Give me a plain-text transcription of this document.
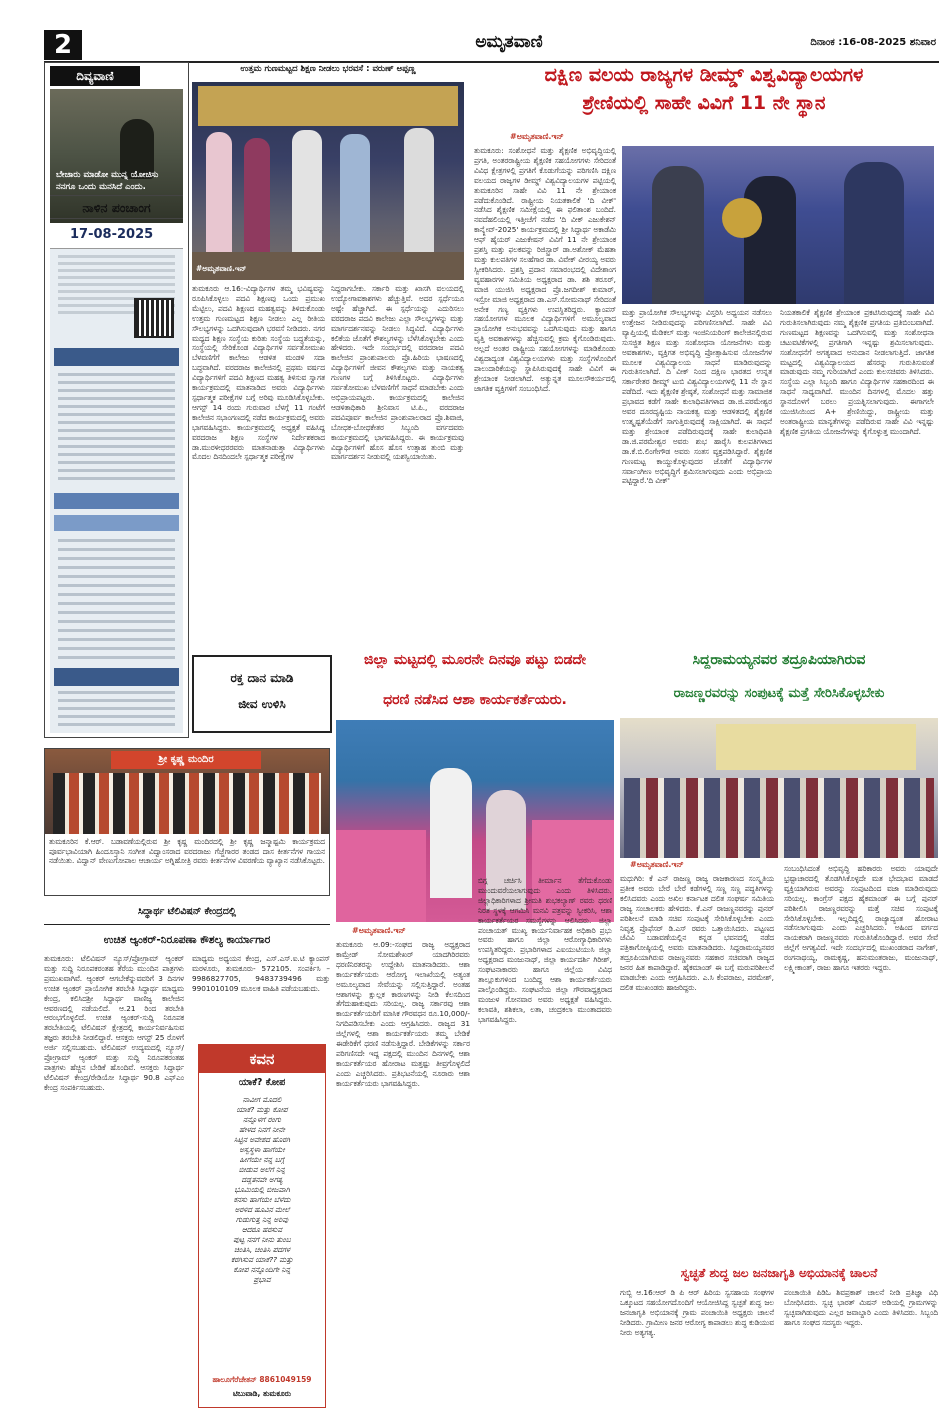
2	ಅಮೃತವಾಣಿ	ದಿನಾಂಕ :16-08-2025 ಶನಿವಾರ
ದಿವ್ಯವಾಣಿ
ಬೇಜಾರು ಮಾಡೋ ಮುನ್ನ ಯೋಚಿಸು ನನಗೂ ಒಂದು ಮನಸಿದೆ ಎಂದು.
ನಾಳಿನ ಪಂಚಾಂಗ
17-08-2025
ಉತ್ತಮ ಗುಣಮಟ್ಟದ ಶಿಕ್ಷಣ ನೀಡಲು ಭರವಸೆ : ವರುಣ್ ಅಪ್ಪಣ್ಣ
#ಅಮೃತವಾಣಿ.ಇನ್
ತುಮಕೂರು ಆ.16:-ವಿದ್ಯಾರ್ಥಿಗಳ ತಮ್ಮ ಭವಿಷ್ಯವನ್ನು ರೂಪಿಸಿಕೊಳ್ಳಲು ಪದವಿ ಶಿಕ್ಷಣವು ಒಂದು ಪ್ರಮುಖ ಮೆಟ್ಟಿಲು, ಪದವಿ ಶಿಕ್ಷಣದ ಮಹತ್ವವನ್ನು ತಿಳಿದುಕೊಂಡು ಉತ್ತಮ ಗುಣಮಟ್ಟದ ಶಿಕ್ಷಣ ನೀಡಲು ಎಲ್ಲ ರೀತಿಯ ಸೌಲಭ್ಯಗಳನ್ನು ಒದಗಿಸುವುದಾಗಿ ಭರವಸೆ ನೀಡಿದರು. ನಗರ ಮಧ್ಯದ ಶಿಕ್ಷಣ ಸಂಸ್ಥೆಯ ಕುರಿತು ಸಂಸ್ಥೆಯ ಬದ್ಧತೆಯನ್ನು, ಸಂಸ್ಥೆಯಲ್ಲಿ ಸೇರಿಕೊಂಡ ವಿದ್ಯಾರ್ಥಿಗಳ ಸರ್ವತೋಮುಖ ಬೆಳವಣಿಗೆಗೆ ಕಾಲೇಜು ಆಡಳಿತ ಮಂಡಳಿ ಸದಾ ಬದ್ಧವಾಗಿದೆ. ವರದರಾಜ ಕಾಲೇಜಿನಲ್ಲಿ ಪ್ರಥಮ ವರ್ಷದ ವಿದ್ಯಾರ್ಥಿಗಳಿಗೆ ಪದವಿ ಶಿಕ್ಷಣದ ಮಹತ್ವ ತಿಳಿಸುವ ಸ್ವಾಗತ ಕಾರ್ಯಕ್ರಮದಲ್ಲಿ ಮಾತನಾಡಿದ ಅವರು ವಿದ್ಯಾರ್ಥಿಗಳು ಸ್ಪರ್ಧಾತ್ಮಕ ಪರೀಕ್ಷೆಗಳ ಬಗ್ಗೆ ಅರಿವು ಮೂಡಿಸಿಕೊಳ್ಳಬೇಕು. ಆಗಸ್ಟ್ 14 ರಂದು ಗುರುವಾರ ಬೆಳಗ್ಗೆ 11 ಗಂಟೆಗೆ ಕಾಲೇಜಿನ ಸಭಾಂಗಣದಲ್ಲಿ ನಡೆದ ಕಾರ್ಯಕ್ರಮದಲ್ಲಿ ಅವರು ಭಾಗವಹಿಸಿದ್ದರು. ಕಾರ್ಯಕ್ರಮದಲ್ಲಿ ಅಧ್ಯಕ್ಷತೆ ವಹಿಸಿದ್ದ ವರದರಾಜ ಶಿಕ್ಷಣ ಸಂಸ್ಥೆಗಳ ನಿರ್ದೇಶಕರಾದ ಡಾ.ಮುರಳೀಧರರವರು ಮಾತನಾಡುತ್ತಾ ವಿದ್ಯಾರ್ಥಿಗಳು ಮೊದಲ ದಿನದಿಂದಲೇ ಸ್ಪರ್ಧಾತ್ಮಕ ಪರೀಕ್ಷೆಗಳ
ನಿದ್ದರಾಗಬೇಕು. ಸರ್ಕಾರಿ ಮತ್ತು ಖಾಸಗಿ ವಲಯದಲ್ಲಿ ಉದ್ಯೋಗಾವಕಾಶಗಳು ಹೆಚ್ಚುತ್ತಿವೆ. ಅದರ ಸ್ಪರ್ಧೆಯೂ ಅಷ್ಟೇ ಹೆಚ್ಚಾಗಿದೆ. ಈ ಸ್ಪರ್ಧೆಯನ್ನು ಎದುರಿಸಲು ವರದರಾಜ ಪದವಿ ಕಾಲೇಜು ಎಲ್ಲಾ ಸೌಲಭ್ಯಗಳನ್ನು ಮತ್ತು ಮಾರ್ಗದರ್ಶನವನ್ನು ನೀಡಲು ಸಿದ್ಧವಿದೆ. ವಿದ್ಯಾರ್ಥಿಗಳು ಕಲಿಕೆಯ ಜೊತೆಗೆ ಕೌಶಲ್ಯಗಳನ್ನು ಬೆಳೆಸಿಕೊಳ್ಳಬೇಕು ಎಂದು ಹೇಳಿದರು. ಇದೇ ಸಂದರ್ಭದಲ್ಲಿ ವರದರಾಜ ಪದವಿ ಕಾಲೇಜಿನ ಪ್ರಾಂಶುಪಾಲರು ಪ್ರೊ.ಹಿರಿಯ ಭಾಷಣದಲ್ಲಿ ವಿದ್ಯಾರ್ಥಿಗಳಿಗೆ ಜೀವನ ಕೌಶಲ್ಯಗಳು ಮತ್ತು ನಾಯಕತ್ವ ಗುಣಗಳ ಬಗ್ಗೆ ತಿಳಿಸಿಕೊಟ್ಟರು. ವಿದ್ಯಾರ್ಥಿಗಳು ಸರ್ವತೋಮುಖ ಬೆಳವಣಿಗೆಗೆ ಸಾಧನೆ ಮಾಡಬೇಕು ಎಂದು ಅಭಿಪ್ರಾಯಪಟ್ಟರು. ಕಾರ್ಯಕ್ರಮದಲ್ಲಿ ಕಾಲೇಜಿನ ಆಡಳಿತಾಧಿಕಾರಿ ಶ್ರೀನಿವಾಸ ಟಿ.ಪಿ., ವರದರಾಜ ಪದವಿಪೂರ್ವ ಕಾಲೇಜಿನ ಪ್ರಾಂಶುಪಾಲರಾದ ಪ್ರೊ.ಶಿವಾಜಿ, ಬೋಧಕ-ಬೋಧಕೇತರ ಸಿಬ್ಬಂದಿ ವರ್ಗದವರು ಕಾರ್ಯಕ್ರಮದಲ್ಲಿ ಭಾಗವಹಿಸಿದ್ದರು. ಈ ಕಾರ್ಯಕ್ರಮವು ವಿದ್ಯಾರ್ಥಿಗಳಿಗೆ ಹೊಸ ಹೊಸ ಉತ್ಸಾಹ ತುಂಬಿ ಮತ್ತು ಮಾರ್ಗದರ್ಶನ ನೀಡುವಲ್ಲಿ ಯಶಸ್ವಿಯಾಯಿತು.
ದಕ್ಷಿಣ ವಲಯ ರಾಜ್ಯಗಳ ಡೀಮ್ಡ್ ವಿಶ್ವವಿದ್ಯಾಲಯಗಳ
ಶ್ರೇಣಿಯಲ್ಲಿ ಸಾಹೇ ವಿವಿಗೆ 11 ನೇ ಸ್ಥಾನ
#ಅಮೃತವಾಣಿ.ಇನ್
ತುಮಕೂರು: ಸಂಶೋಧನೆ ಮತ್ತು ಶೈಕ್ಷಣಿಕ ಅಭಿವೃದ್ಧಿಯಲ್ಲಿ ಪ್ರಗತಿ, ಅಂತರರಾಷ್ಟ್ರೀಯ ಶೈಕ್ಷಣಿಕ ಸಹಯೋಗಗಳು ಸೇರಿದಂತೆ ವಿವಿಧ ಕ್ಷೇತ್ರಗಳಲ್ಲಿ ಪ್ರಗತಿಗೆ ಕೊಡುಗೆಯನ್ನು ಪರಿಗಣಿಸಿ ದಕ್ಷಿಣ ವಲಯದ ರಾಜ್ಯಗಳ ಡೀಮ್ಡ್ ವಿಶ್ವವಿದ್ಯಾಲಯಗಳ ಪಟ್ಟಿಯಲ್ಲಿ ತುಮಕೂರಿನ ಸಾಹೇ ವಿವಿ 11 ನೇ ಶ್ರೇಯಾಂಕ ಪಡೆದುಕೊಂಡಿದೆ. ರಾಷ್ಟ್ರೀಯ ನಿಯತಕಾಲಿಕೆ 'ದಿ ವೀಕ್' ನಡೆಸಿದ ಶೈಕ್ಷಣಿಕ ಸಮೀಕ್ಷೆಯಲ್ಲಿ ಈ ಫಲಿತಾಂಶ ಬಂದಿದೆ. ನವದೆಹಲಿಯಲ್ಲಿ ಇತ್ತೀಚೆಗೆ ನಡೆದ 'ದಿ ವೀಕ್ ಎಜುಕೇಶನ್ ಕಾನ್ಕ್ಲೇವ್-2025' ಕಾರ್ಯಕ್ರಮದಲ್ಲಿ ಶ್ರೀ ಸಿದ್ಧಾರ್ಥ ಅಕಾಡೆಮಿ ಆಫ್ ಹೈಯರ್ ಎಜುಕೇಷನ್ ವಿವಿಗೆ 11 ನೇ ಶ್ರೇಯಾಂಕ ಪ್ರಶಸ್ತಿ ಮತ್ತು ಫಲಕವನ್ನು ರಿಜಿಸ್ಟ್ರಾರ್ ಡಾ.ಅಶೋಕ್ ಮೆಹತಾ ಮತ್ತು ಕುಲಪತಿಗಳ ಸಲಹೆಗಾರ ಡಾ. ವಿವೇಕ್ ವೀರಯ್ಯ ಅವರು ಸ್ವೀಕರಿಸಿದರು. ಪ್ರಶಸ್ತಿ ಪ್ರದಾನ ಸಮಾರಂಭದಲ್ಲಿ ವಿದೇಶಾಂಗ ವ್ಯವಹಾರಗಳ ಸಮಿತಿಯ ಅಧ್ಯಕ್ಷರಾದ ಡಾ. ಶಶಿ ತರೂರ್, ಮಾಜಿ ಯುಜಿಸಿ ಅಧ್ಯಕ್ಷರಾದ ಪ್ರೊ.ಜಗದೀಶ್ ಕುಮಾರ್, ಇಸ್ರೋ ಮಾಜಿ ಅಧ್ಯಕ್ಷರಾದ ಡಾ.ಎಸ್.ಸೋಮನಾಥ್ ಸೇರಿದಂತೆ ಅನೇಕ ಗಣ್ಯ ವ್ಯಕ್ತಿಗಳು ಉಪಸ್ಥಿತರಿದ್ದರು. ಕ್ಯಾಂಪಸ್ ಸಹಯೋಗಗಳ ಮೂಲಕ ವಿದ್ಯಾರ್ಥಿಗಳಿಗೆ ಅಮೂಲ್ಯವಾದ ಪ್ರಾಯೋಗಿಕ ಅನುಭವವನ್ನು ಒದಗಿಸುವುದು ಮತ್ತು ಹಾಗೂ ವೃತ್ತಿ ಅವಕಾಶಗಳನ್ನು ಹೆಚ್ಚಿಸುವಲ್ಲಿ ಕ್ರಮ ಕೈಗೊಂಡಿರುವುದು. ಅಲ್ಲದೆ ಅಂತರ ರಾಷ್ಟ್ರೀಯ ಸಹಯೋಗಗಳನ್ನು ಮಾಡಿಕೊಂಡು ವಿಶ್ವದಾದ್ಯಂತ ವಿಶ್ವವಿದ್ಯಾಲಯಗಳು ಮತ್ತು ಸಂಸ್ಥೆಗಳೊಂದಿಗೆ ಪಾಲುದಾರಿಕೆಯನ್ನು ಸ್ಥಾಪಿಸಿರುವುದಕ್ಕೆ ಸಾಹೇ ವಿವಿಗೆ ಈ ಶ್ರೇಯಾಂಕ ನೀಡಲಾಗಿದೆ. ಅತ್ಯುನ್ನತ ಮೂಲಸೌಕರ್ಯದಲ್ಲಿ ಜಾಗತಿಕ ವ್ಯಕ್ತಿಗಳಿಗೆ ಸಂಬಂಧಿಸಿದೆ.
ಮತ್ತು ಪ್ರಾಯೋಗಿಕ ಸೌಲಭ್ಯಗಳನ್ನು ವಿಸ್ತರಿಸಿ ಅಧ್ಯಯನ ನಡೆಸಲು ಉತ್ತೇಜನ ನೀಡಿರುವುದನ್ನು ಪರಿಗಣಿಸಲಾಗಿದೆ. ಸಾಹೇ ವಿವಿ ವ್ಯಾಪ್ತಿಯಲ್ಲಿ ಮೆಡಿಕಲ್ ಮತ್ತು ಇಂಜಿನಿಯರಿಂಗ್ ಕಾಲೇಜಿನಲ್ಲಿರುವ ಸುಸಜ್ಜಿತ ಶಿಕ್ಷಣ ಮತ್ತು ಸಂಶೋಧನಾ ಯೋಜನೆಗಳು ಮತ್ತು ಅವಕಾಶಗಳು, ವ್ಯಕ್ತಿಗತ ಅಭಿವೃದ್ಧಿ ಪ್ರೋತ್ಸಾಹಿಸುವ ಯೋಜನೆಗಳ ಮೂಲಕ ವಿಶ್ವವಿದ್ಯಾಲಯ ಸಾಧನೆ ಮಾಡಿರುವುದನ್ನು ಗುರುತಿಸಲಾಗಿದೆ. ದಿ ವೀಕ್ ನಿಂದ ದಕ್ಷಿಣ ಭಾರತದ ಉನ್ನತ ಸರ್ಕಾರೇತರ ಡೀಮ್ಡ್ ಟುಬಿ ವಿಶ್ವವಿದ್ಯಾಲಯಗಳಲ್ಲಿ 11 ನೇ ಸ್ಥಾನ ಪಡೆದಿದೆ. ಇದು ಶೈಕ್ಷಣಿಕ ಶ್ರೇಷ್ಠತೆ, ಸಂಶೋಧನೆ ಮತ್ತು ಸಾಮಾಜಿಕ ಪ್ರಭಾವದ ಕಡೆಗೆ ಸಾಹೇ ಕುಲಾಧಿಪತಿಗಳಾದ ಡಾ.ಜಿ.ಪರಮೇಶ್ವರ ಅವರ ದೂರದೃಷ್ಟಿಯ ನಾಯಕತ್ವ ಮತ್ತು ಆಡಳಿತದಲ್ಲಿ ಶೈಕ್ಷಣಿಕ ಉತ್ಕೃಷ್ಟತೆಯೆಡೆಗೆ ಸಾಗುತ್ತಿರುವುದಕ್ಕೆ ಸಾಕ್ಷಿಯಾಗಿದೆ. ಈ ಸಾಧನೆ ಮತ್ತು ಶ್ರೇಯಾಂಕ ಪಡೆದಿರುವುದಕ್ಕೆ ಸಾಹೇ ಕುಲಾಧಿಪತಿ ಡಾ.ಜಿ.ಪರಮೇಶ್ವರ ಅವರು ಶುಭ ಹಾರೈಸಿ ಕುಲಪತಿಗಳಾದ ಡಾ.ಕೆ.ಬಿ.ಲಿಂಗೇಗೌಡ ಅವರು ಸಂತಸ ವ್ಯಕ್ತಪಡಿಸಿದ್ದಾರೆ. ಶೈಕ್ಷಣಿಕ ಗುಣಮಟ್ಟ ಕಾಯ್ದುಕೊಳ್ಳುವುದರ ಜೊತೆಗೆ ವಿದ್ಯಾರ್ಥಿಗಳ ಸರ್ವಾಂಗೀಣ ಅಭಿವೃದ್ಧಿಗೆ ಶ್ರಮಿಸಲಾಗುವುದು ಎಂದು ಅಭಿಪ್ರಾಯ ಪಟ್ಟಿದ್ದಾರೆ.'ದಿ ವೀಕ್'
ನಿಯತಕಾಲಿಕೆ ಶೈಕ್ಷಣಿಕ ಶ್ರೇಯಾಂಕ ಪ್ರಕಟಿಸಿರುವುದಕ್ಕೆ ಸಾಹೇ ವಿವಿ ಗುರುತಿಸಲಾಗಿರುವುದು ನಮ್ಮ ಶೈಕ್ಷಣಿಕ ಪ್ರಗತಿಯ ಪ್ರತಿಬಿಂಬವಾಗಿದೆ. ಗುಣಮಟ್ಟದ ಶಿಕ್ಷಣವನ್ನು ಒದಗಿಸುವಲ್ಲಿ ಮತ್ತು ಸಂಶೋಧನಾ ಚಟುವಟಿಕೆಗಳಲ್ಲಿ ಪ್ರಗತಿಗಾಗಿ ಇನ್ನಷ್ಟು ಶ್ರಮಿಸಲಾಗುವುದು. ಸಂಶೋಧನೆಗೆ ಅಗತ್ಯವಾದ ಅನುದಾನ ನೀಡಲಾಗುತ್ತಿದೆ. ಜಾಗತಿಕ ಮಟ್ಟದಲ್ಲಿ ವಿಶ್ವವಿದ್ಯಾಲಯದ ಹೆಸರನ್ನು ಗುರುತಿಸುವಂತೆ ಮಾಡುವುದು ನಮ್ಮ ಗುರಿಯಾಗಿದೆ ಎಂದು ಕುಲಸಚಿವರು ತಿಳಿಸಿದರು. ಸಂಸ್ಥೆಯ ಎಲ್ಲಾ ಸಿಬ್ಬಂದಿ ಹಾಗೂ ವಿದ್ಯಾರ್ಥಿಗಳ ಸಹಕಾರದಿಂದ ಈ ಸಾಧನೆ ಸಾಧ್ಯವಾಗಿದೆ. ಮುಂದಿನ ದಿನಗಳಲ್ಲಿ ಮೊದಲ ಹತ್ತು ಸ್ಥಾನದೊಳಗೆ ಬರಲು ಪ್ರಯತ್ನಿಸಲಾಗುವುದು. ಈಗಾಗಲೇ ಯುಜಿಸಿಯಿಂದ A+ ಶ್ರೇಣಿಯಿದ್ದು, ರಾಷ್ಟ್ರೀಯ ಮತ್ತು ಅಂತರಾಷ್ಟ್ರೀಯ ಮಾನ್ಯತೆಗಳನ್ನು ಪಡೆದಿರುವ ಸಾಹೇ ವಿವಿ ಇನ್ನಷ್ಟು ಶೈಕ್ಷಣಿಕ ಪ್ರಗತಿಯ ಯೋಜನೆಗಳನ್ನು ಕೈಗೊಳ್ಳುತ್ತ ಮುಂದಾಗಿದೆ.
ರಕ್ತ ದಾನ ಮಾಡಿ
ಜೀವ ಉಳಿಸಿ
ಜಿಲ್ಲಾ ಮಟ್ಟದಲ್ಲಿ ಮೂರನೇ ದಿನವೂ ಪಟ್ಟು ಬಿಡದೇ
ಧರಣಿ ನಡೆಸಿದ ಆಶಾ ಕಾರ್ಯಕರ್ತೆಯರು.
#ಅಮೃತವಾಣಿ.ಇನ್
ತುಮಕೂರು ಆ.09:-ಸಂಘದ ರಾಜ್ಯ ಅಧ್ಯಕ್ಷರಾದ ಕಾಮ್ರೇಡ್ ಸೋಮಶೇಖರ್ ಯಾದಗಿರಿರವರು ಧರಣಿನಿರತರನ್ನು ಉದ್ದೇಶಿಸಿ ಮಾತನಾಡಿದರು. ಆಶಾ ಕಾರ್ಯಕರ್ತೆಯರು ಆರೋಗ್ಯ ಇಲಾಖೆಯಲ್ಲಿ ಅತ್ಯಂತ ಅಮೂಲ್ಯವಾದ ಸೇವೆಯನ್ನು ಸಲ್ಲಿಸುತ್ತಿದ್ದಾರೆ. ಅಂತಹ ಆಶಾಗಳನ್ನು ಕ್ಷುಲ್ಲಕ ಕಾರಣಗಳನ್ನು ನೀಡಿ ಕೆಲಸದಿಂದ ತೆಗೆದುಹಾಕುವುದು ಸರಿಯಲ್ಲ. ರಾಜ್ಯ ಸರ್ಕಾರವು ಆಶಾ ಕಾರ್ಯಕರ್ತೆಯರಿಗೆ ಮಾಸಿಕ ಗೌರವಧನ ರೂ.10,000/- ನಿಗದಿಪಡಿಸಬೇಕು ಎಂದು ಆಗ್ರಹಿಸಿದರು. ರಾಜ್ಯದ 31 ಜಿಲ್ಲೆಗಳಲ್ಲಿ ಆಶಾ ಕಾರ್ಯಕರ್ತೆಯರು ತಮ್ಮ ಬೇಡಿಕೆ ಈಡೇರಿಕೆಗೆ ಧರಣಿ ನಡೆಸುತ್ತಿದ್ದಾರೆ. ಬೇಡಿಕೆಗಳನ್ನು ಸರ್ಕಾರ ಪರಿಗಣಿಸದೇ ಇದ್ದ ಪಕ್ಷದಲ್ಲಿ ಮುಂದಿನ ದಿನಗಳಲ್ಲಿ ಆಶಾ ಕಾರ್ಯಕರ್ತೆಯರ ಹೋರಾಟ ಮತ್ತಷ್ಟು ತೀವ್ರಗೊಳ್ಳಲಿದೆ ಎಂದು ಎಚ್ಚರಿಸಿದರು. ಪ್ರತಿಭಟನೆಯಲ್ಲಿ ನೂರಾರು ಆಶಾ ಕಾರ್ಯಕರ್ತೆಯರು ಭಾಗವಹಿಸಿದ್ದರು.
ಬಿಗ್ಗ ಚರ್ಚಿಸಿ ತೀರ್ಮಾನ ತೆಗೆದುಕೊಂಡು ಮುಂದುವರೆಯಲಾಗುವುದು ಎಂದು ತಿಳಿಸಿದರು. ಜಿಲ್ಲಾಧಿಕಾರಿಗಳಾದ ಶ್ರೀಮತಿ ಶುಭಕಲ್ಯಾಣ್ ರವರು ಧರಣಿ ನಿರತ ಸ್ಥಳಕ್ಕೆ ಆಗಮಿಸಿ ಮನವಿ ಪತ್ರವನ್ನು ಸ್ವೀಕರಿಸಿ, ಆಶಾ ಕಾರ್ಯಕರ್ತೆಯರ ಸಮಸ್ಯೆಗಳನ್ನು ಆಲಿಸಿದರು. ಜಿಲ್ಲಾ ಪಂಚಾಯತ್ ಮುಖ್ಯ ಕಾರ್ಯನಿರ್ವಾಹಕ ಅಧಿಕಾರಿ ಪ್ರಭು ಅವರು ಹಾಗೂ ಜಿಲ್ಲಾ ಆರೋಗ್ಯಾಧಿಕಾರಿಗಳು ಉಪಸ್ಥಿತರಿದ್ದರು. ಪ್ರಭಾರಿಗಳಾದ ಎಐಯುಟಿಯುಸಿ ಜಿಲ್ಲಾ ಅಧ್ಯಕ್ಷರಾದ ಮಂಜುನಾಥ್, ಜಿಲ್ಲಾ ಕಾರ್ಯದರ್ಶಿ ಗಿರೀಶ್, ಸಂಘಟನಾಕಾರರು ಹಾಗೂ ಜಿಲ್ಲೆಯ ವಿವಿಧ ತಾಲ್ಲೂಕುಗಳಿಂದ ಬಂದಿದ್ದ ಆಶಾ ಕಾರ್ಯಕರ್ತೆಯರು ಪಾಲ್ಗೊಂಡಿದ್ದರು. ಸಂಘಟನೆಯ ಜಿಲ್ಲಾ ಗೌರವಾಧ್ಯಕ್ಷರಾದ ಮಂಜುಳ ಗೋನವಾರ ಅವರು ಅಧ್ಯಕ್ಷತೆ ವಹಿಸಿದ್ದರು. ಕಲಾವತಿ, ಶಶಿಕಲಾ, ಲತಾ, ಚಂದ್ರಕಲಾ ಮುಂತಾದವರು ಭಾಗವಹಿಸಿದ್ದರು.
ಸಿದ್ದರಾಮಯ್ಯನವರ ತದ್ರೂಪಿಯಾಗಿರುವ
ರಾಜಣ್ಣರವರನ್ನು ಸಂಪುಟಕ್ಕೆ ಮತ್ತೆ ಸೇರಿಸಿಕೊಳ್ಳಬೇಕು
#ಅಮೃತವಾಣಿ.ಇನ್
ಮಧುಗಿರಿ: ಕೆ ಎನ್ ರಾಜಣ್ಣ ರಾಜ್ಯ ರಾಜಕಾರಣದ ಸಂಸ್ಕೃತಿಯ ಪ್ರತೀಕ ಅವರು ಬೇರೆ ಬೇರೆ ಕಡೆಗಳಲ್ಲಿ ಸಣ್ಣ ಸಣ್ಣ ಪದ್ಧತಿಗಳನ್ನು ಕಲಿಸಿದವರು ಎಂದು ಅಖಿಲ ಕರ್ನಾಟಕ ದಲಿತ ಸಂಘರ್ಷ ಸಮಿತಿಯ ರಾಜ್ಯ ಸಂಚಾಲಕರು ಹೇಳಿದರು. ಕೆ.ಎನ್ ರಾಜಣ್ಣನವರನ್ನು ಪುನರ್ ಪರಿಶೀಲನೆ ಮಾಡಿ ಸಚಿವ ಸಂಪುಟಕ್ಕೆ ಸೇರಿಸಿಕೊಳ್ಳಬೇಕು ಎಂದು ನಿವೃತ್ತ ಪ್ರೊಫೆಸರ್ ಡಿ.ಎಸ್ ರವರು ಒತ್ತಾಯಿಸಿದರು. ಪಟ್ಟಣದ ಜೆವಿವಿ ಬಡಾವಣೆಯಲ್ಲಿನ ಕನ್ನಡ ಭವನದಲ್ಲಿ ನಡೆದ ಪತ್ರಿಕಾಗೋಷ್ಠಿಯಲ್ಲಿ ಅವರು ಮಾತನಾಡಿದರು. ಸಿದ್ದರಾಮಯ್ಯನವರ ತದ್ರೂಪಿಯಾಗಿರುವ ರಾಜಣ್ಣನವರು ಸಹಕಾರ ಸಚಿವರಾಗಿ ರಾಜ್ಯದ ಜನರ ಹಿತ ಕಾಪಾಡಿದ್ದಾರೆ. ಹೈಕಮಾಂಡ್ ಈ ಬಗ್ಗೆ ಮರುಪರಿಶೀಲನೆ ಮಾಡಬೇಕು ಎಂದು ಆಗ್ರಹಿಸಿದರು. ಎ.ಸಿ ಕೆಂಪರಾಜು, ಪರಮೇಶ್, ದಲಿತ ಮುಖಂಡರು ಹಾಜರಿದ್ದರು.
ಸಂಬಂಧಿಸಿದಂತೆ ಅಭಿವೃದ್ಧಿ ಹರಿಕಾರರು ಅವರು ಯಾವುದೇ ಭ್ರಷ್ಟಾಚಾರದಲ್ಲಿ ತೊಡಗಿಸಿಕೊಳ್ಳದೇ ಮತ ಭೇದಭಾವ ಮಾಡದೆ ವ್ಯಕ್ತಿಯಾಗಿರುವ ಅವರನ್ನು ಸಂಪುಟದಿಂದ ವಜಾ ಮಾಡಿರುವುದು ಸರಿಯಲ್ಲ. ಕಾಂಗ್ರೆಸ್ ಪಕ್ಷದ ಹೈಕಮಾಂಡ್ ಈ ಬಗ್ಗೆ ಪುನರ್ ಪರಿಶೀಲಿಸಿ ರಾಜಣ್ಣರವರನ್ನು ಮತ್ತೆ ಸಚಿವ ಸಂಪುಟಕ್ಕೆ ಸೇರಿಸಿಕೊಳ್ಳಬೇಕು. ಇಲ್ಲದಿದ್ದಲ್ಲಿ ರಾಜ್ಯಾದ್ಯಂತ ಹೋರಾಟ ನಡೆಸಲಾಗುವುದು ಎಂದು ಎಚ್ಚರಿಸಿದರು. ಅಹಿಂದ ವರ್ಗದ ನಾಯಕರಾಗಿ ರಾಜಣ್ಣನವರು ಗುರುತಿಸಿಕೊಂಡಿದ್ದಾರೆ. ಅವರ ಸೇವೆ ಜಿಲ್ಲೆಗೆ ಅಗತ್ಯವಿದೆ. ಇದೇ ಸಂದರ್ಭದಲ್ಲಿ ಮುಖಂಡರಾದ ನಾಗೇಶ್, ರಂಗನಾಥಯ್ಯ, ರಾಮಕೃಷ್ಣ, ಹನುಮಂತರಾಜು, ಮಂಜುನಾಥ್, ಲಕ್ಷ್ಮೀಕಾಂತ್, ರಾಜು ಹಾಗೂ ಇತರರು ಇದ್ದರು.
ಸ್ವಚ್ಛತೆ ಶುದ್ಧ ಜಲ ಜನಜಾಗೃತಿ ಅಭಿಯಾನಕ್ಕೆ ಚಾಲನೆ
ಗುಬ್ಬಿ ಆ.16:ಆರ್ ಡಿ ಪಿ ಆರ್ ಹಿರಿಯ ಸ್ವಸಹಾಯ ಸಂಘಗಳ ಒಕ್ಕೂಟದ ಸಹಯೋಗದೊಂದಿಗೆ ಆಯೋಜಿಸಿದ್ದ ಸ್ವಚ್ಛತೆ ಶುದ್ಧ ಜಲ ಜನಜಾಗೃತಿ ಅಭಿಯಾನಕ್ಕೆ ಗ್ರಾಮ ಪಂಚಾಯಿತಿ ಅಧ್ಯಕ್ಷರು ಚಾಲನೆ ನೀಡಿದರು. ಗ್ರಾಮೀಣ ಜನರ ಆರೋಗ್ಯ ಕಾಪಾಡಲು ಶುದ್ಧ ಕುಡಿಯುವ ನೀರು ಅತ್ಯಗತ್ಯ.
ಪಂಚಾಯಿತಿ ಪಿಡಿಓ ಶಿವಪ್ರಕಾಶ್ ಚಾಲನೆ ನೀಡಿ ಪ್ರತಿಜ್ಞಾ ವಿಧಿ ಬೋಧಿಸಿದರು. ಸ್ವಚ್ಛ ಭಾರತ್ ಮಿಷನ್ ಅಡಿಯಲ್ಲಿ ಗ್ರಾಮಗಳನ್ನು ಸ್ವಚ್ಛವಾಗಿಡುವುದು ಎಲ್ಲರ ಜವಾಬ್ದಾರಿ ಎಂದು ತಿಳಿಸಿದರು. ಸಿಬ್ಬಂದಿ ಹಾಗೂ ಸಂಘದ ಸದಸ್ಯರು ಇದ್ದರು.
ಶ್ರೀ ಕೃಷ್ಣ ಮಂದಿರ
ತುಮಕೂರಿನ ಕೆ.ಆರ್. ಬಡಾವಣೆಯಲ್ಲಿರುವ ಶ್ರೀ ಕೃಷ್ಣ ಮಂದಿರದಲ್ಲಿ ಶ್ರೀ ಕೃಷ್ಣ ಜನ್ಮಾಷ್ಟಮಿ ಕಾರ್ಯಕ್ರಮದ ಪೂರ್ವಭಾವಿಯಾಗಿ ಹಿಂದೂಸ್ತಾನಿ ಸಂಗೀತ ವಿದ್ವಾಂಸರಾದ ವರದರಾಜು ಗೆಜ್ಜೆಗಾರರ ತಂಡದ ದಾಸ ಕೀರ್ತನೆಗಳ ಗಾಯನ ನಡೆಯಿತು. ವಿದ್ವಾನ್ ವೇಣುಗೋಪಾಲ ಆಚಾರ್ಯ ಅಗ್ನಿಹೋತ್ರಿ ರವರು ಕೀರ್ತನೆಗಳ ವಿವರಣೆಯ ವ್ಯಾಖ್ಯಾನ ನಡೆಸಿಕೊಟ್ಟರು.
ಸಿದ್ಧಾರ್ಥ ಟೆಲಿವಿಷನ್ ಕೇಂದ್ರದಲ್ಲಿ
ಉಚಿತ ಆ್ಯಂಕರ್-ನಿರೂಪಣಾ ಕೌಶಲ್ಯ ಕಾರ್ಯಾಗಾರ
ತುಮಕೂರು: ಟೆಲಿವಿಷನ್ ನ್ಯೂಸ್/ಪ್ರೋಗ್ರಾಮ್ ಆ್ಯಂಕರ್ ಮತ್ತು ಸುದ್ದಿ ನಿರೂಪಕರಂತಹ ತೆರೆಯ ಮುಂದಿನ ಪಾತ್ರಗಳು ಪ್ರಮುಖವಾಗಿವೆ. ಆ್ಯಂಕರ್ ಆಗಬೇಕೆನ್ನುವವರಿಗೆ 3 ದಿನಗಳ ಉಚಿತ ಆ್ಯಂಕರ್ ಪ್ರಾಯೋಗಿಕ ತರಬೇತಿ ಸಿದ್ಧಾರ್ಥ ಮಾಧ್ಯಮ ಕೇಂದ್ರ, ಕಲಿಸಿದಶ್ರೀ ಸಿದ್ಧಾರ್ಥ ವಾಣಿಜ್ಯ ಕಾಲೇಜಿನ ಆವರಣದಲ್ಲಿ ನಡೆಯಲಿದೆ. ಆ.21 ರಿಂದ ತರಬೇತಿ ಆರಂಭಗೊಳ್ಳಲಿದೆ. ಉಚಿತ ಆ್ಯಂಕರ್-ಸುದ್ದಿ ನಿರೂಪಕ ತರಬೇತಿಯಲ್ಲಿ ಟೆಲಿವಿಷನ್ ಕ್ಷೇತ್ರದಲ್ಲಿ ಕಾರ್ಯನಿರ್ವಹಿಸುವ ತಜ್ಞರು ತರಬೇತಿ ನೀಡಲಿದ್ದಾರೆ. ಆಸಕ್ತರು ಆಗಸ್ಟ್ 25 ರೊಳಗೆ ಅರ್ಜಿ ಸಲ್ಲಿಸಬಹುದು. ಟೆಲಿವಿಷನ್ ಉದ್ಯಮದಲ್ಲಿ ನ್ಯೂಸ್/ಪ್ರೋಗ್ರಾಮ್ ಆ್ಯಂಕರ್ ಮತ್ತು ಸುದ್ದಿ ನಿರೂಪಕರಂತಹ ಪಾತ್ರಗಳು ಹೆಚ್ಚಿನ ಬೇಡಿಕೆ ಹೊಂದಿವೆ. ಆಸಕ್ತರು ಸಿದ್ಧಾರ್ಥ ಟೆಲಿವಿಷನ್ ಕೇಂದ್ರ/ರೇಡಿಯೋ ಸಿದ್ಧಾರ್ಥ 90.8 ಎಫ್ಎಂ ಕೇಂದ್ರ ಸಂಪರ್ಕಿಸಬಹುದು.
ಮಾಧ್ಯಮ ಅಧ್ಯಯನ ಕೇಂದ್ರ, ಎಸ್.ಎಸ್.ಐ.ಟಿ ಕ್ಯಾಂಪಸ್ ಮರಳೂರು, ತುಮಕೂರು- 572105. ಸಂಪರ್ಕಿಸಿ – 9986827705, 9483739496 ಮತ್ತು 9901010109 ಮೂಲಕ ವಾಹಿತಿ ಪಡೆಯಬಹುದು.
ಕವನ
ಯಾಕೆ? ಕೋಪ
ನಾವೀಗ ಮೊದಲಿ
ಯಾಕೆ? ಮತ್ತು ಕೋಪ
ನನ್ನೊಳಗೆ ರಂಗು
ಹೇಳದ ನಿನಗೆ ನೀನೇ
ಸಿಟ್ಟಿನ ಅವೇಶದ ಹೊರಗಿ
ಅಸ್ವಸ್ಥಳಾ ಹಾಗೆಯೇ
ಹೀಗೆಯೇ ನನ್ನ ಬಗ್ಗೆ
ಬೀಡುವ ಅಲೆಗೆ ನಿನ್ನ
ದಡ್ಡತನವೇ ಅಗತ್ಯ
ಭೂಮಿಯಲ್ಲಿ ಬೀಜವಾಗಿ
ಕನಸು ಹಾಗೆಯೇ ಬೆಳೆದು
ಅರಳಿದ ಹೂವಿನ ಮೇಲೆ
ಗುಡುಗುತ್ತ ನಿನ್ನ ಅರಿವು
ಆದರೂ ಹರಸುವ
ಪುಟ್ಟ ನನಗೆ ನೀನು ತುಂಬ
ಚಿಂತಿಸಿ, ಚಿಂತಿಸಿ ಪದಗಳ
ಕರಗಿಸುವ ಯಾಕೆ?? ಮತ್ತು
ಕೋಪ ನನ್ನೊಂದಿಗೇ ನಿನ್ನ
ಪ್ರಭಾವ
ಹಾಲೂಗೆರೆಚೇತನ್ 8861049159
ಟಿಬುವಾಡಿ, ತುಮಕೂರು
